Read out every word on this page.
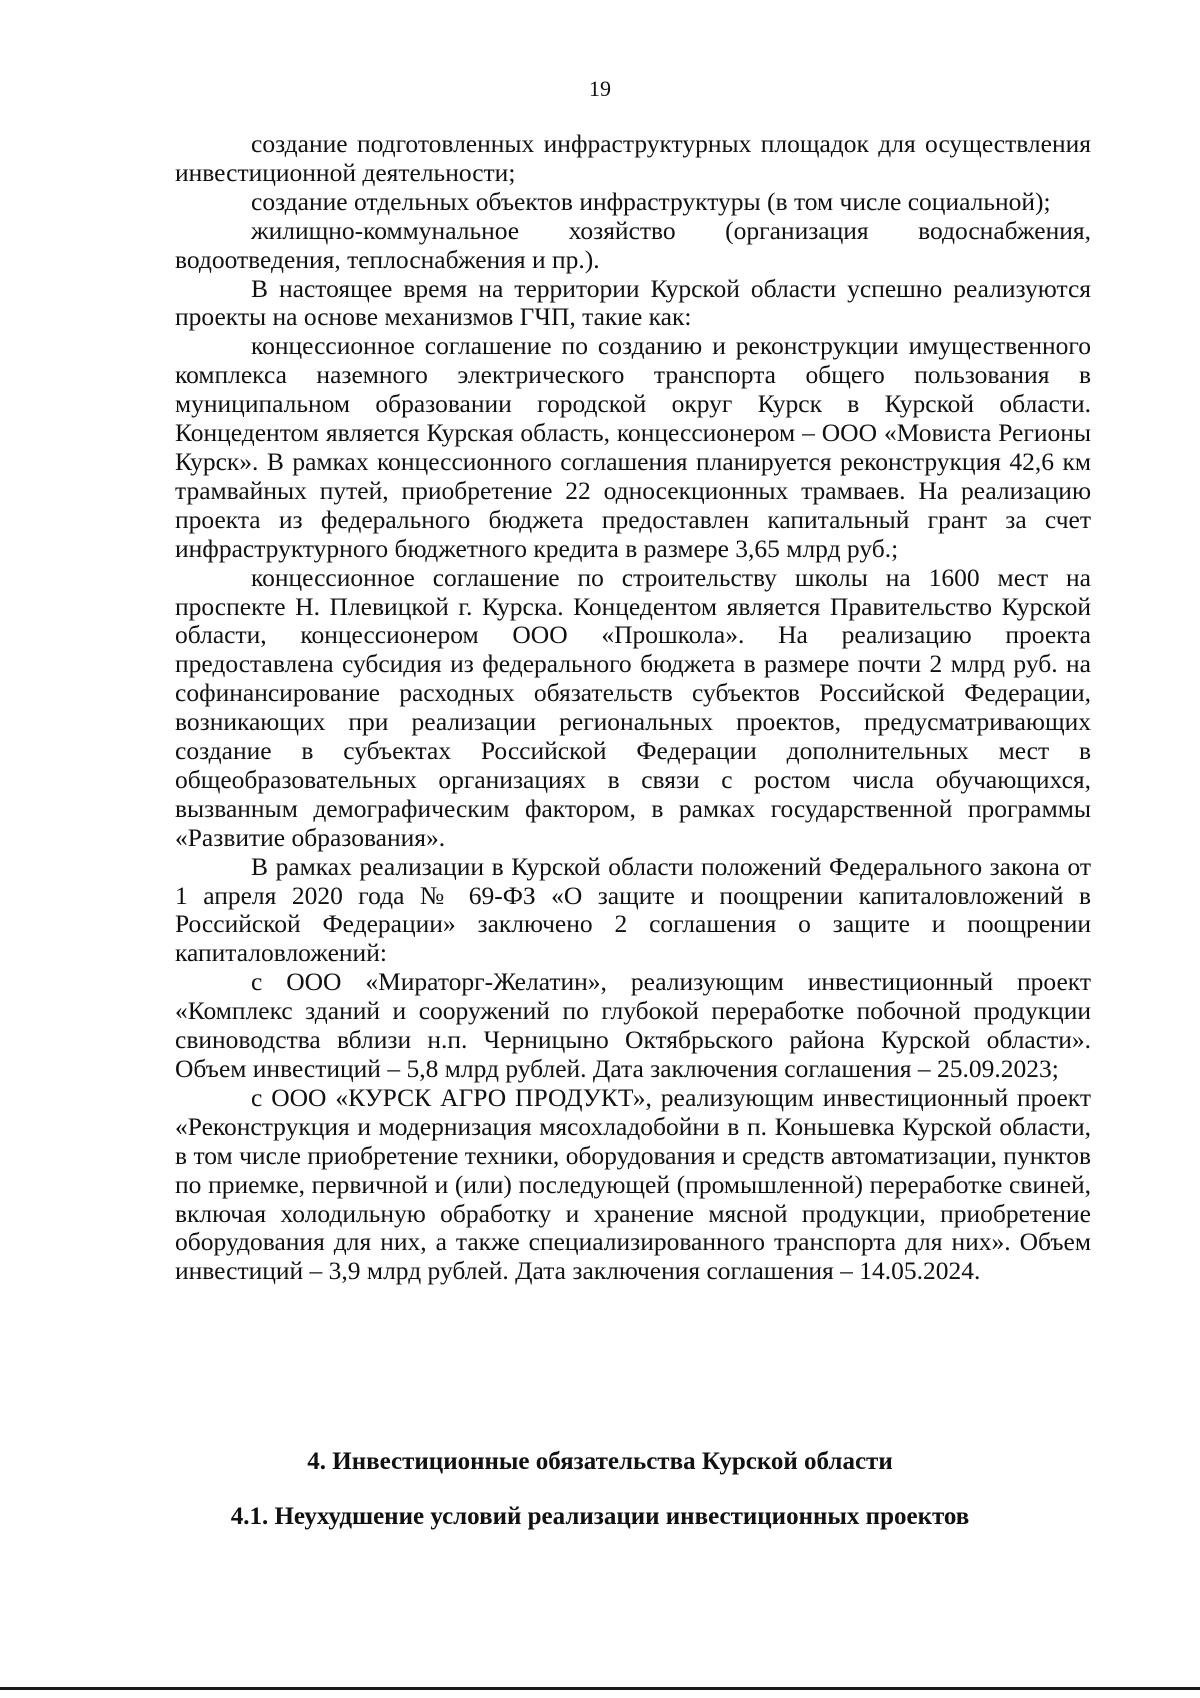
19

создание подготовленных инфраструктурных площадок для осуществления инвестиционной деятельности;

создание отдельных объектов инфраструктуры (в том числе социальной);

жилищно-коммунальное хозяйство (организация водоснабжения, водоотведения, теплоснабжения и пр.).

В настоящее время на территории Курской области успешно реализуются проекты на основе механизмов ГЧП, такие как:

концессионное соглашение по созданию и реконструкции имущественного комплекса наземного электрического транспорта общего пользования в муниципальном образовании городской округ Курск в Курской области. Концедентом является Курская область, концессионером – ООО «Мовиста Регионы Курск». В рамках концессионного соглашения планируется реконструкция 42,6 км трамвайных путей, приобретение 22 односекционных трамваев. На реализацию проекта из федерального бюджета предоставлен капитальный грант за счет инфраструктурного бюджетного кредита в размере 3,65 млрд руб.;

концессионное соглашение по строительству школы на 1600 мест на проспекте Н. Плевицкой г. Курска. Концедентом является Правительство Курской области, концессионером ООО «Прошкола». На реализацию проекта предоставлена субсидия из федерального бюджета в размере почти 2 млрд руб. на софинансирование расходных обязательств субъектов Российской Федерации, возникающих при реализации региональных проектов, предусматривающих создание в субъектах Российской Федерации дополнительных мест в общеобразовательных организациях в связи с ростом числа обучающихся, вызванным демографическим фактором, в рамках государственной программы «Развитие образования».

В рамках реализации в Курской области положений Федерального закона от 1 апреля 2020 года № 69-ФЗ «О защите и поощрении капиталовложений в Российской Федерации» заключено 2 соглашения о защите и поощрении капиталовложений:

с ООО «Мираторг-Желатин», реализующим инвестиционный проект «Комплекс зданий и сооружений по глубокой переработке побочной продукции свиноводства вблизи н.п. Черницыно Октябрьского района Курской области». Объем инвестиций – 5,8 млрд рублей. Дата заключения соглашения – 25.09.2023;

с ООО «КУРСК АГРО ПРОДУКТ», реализующим инвестиционный проект «Реконструкция и модернизация мясохладобойни в п. Коньшевка Курской области, в том числе приобретение техники, оборудования и средств автоматизации, пунктов по приемке, первичной и (или) последующей (промышленной) переработке свиней, включая холодильную обработку и хранение мясной продукции, приобретение оборудования для них, а также специализированного транспорта для них». Объем инвестиций – 3,9 млрд рублей. Дата заключения соглашения – 14.05.2024.

4. Инвестиционные обязательства Курской области
4.1. Неухудшение условий реализации инвестиционных проектов
